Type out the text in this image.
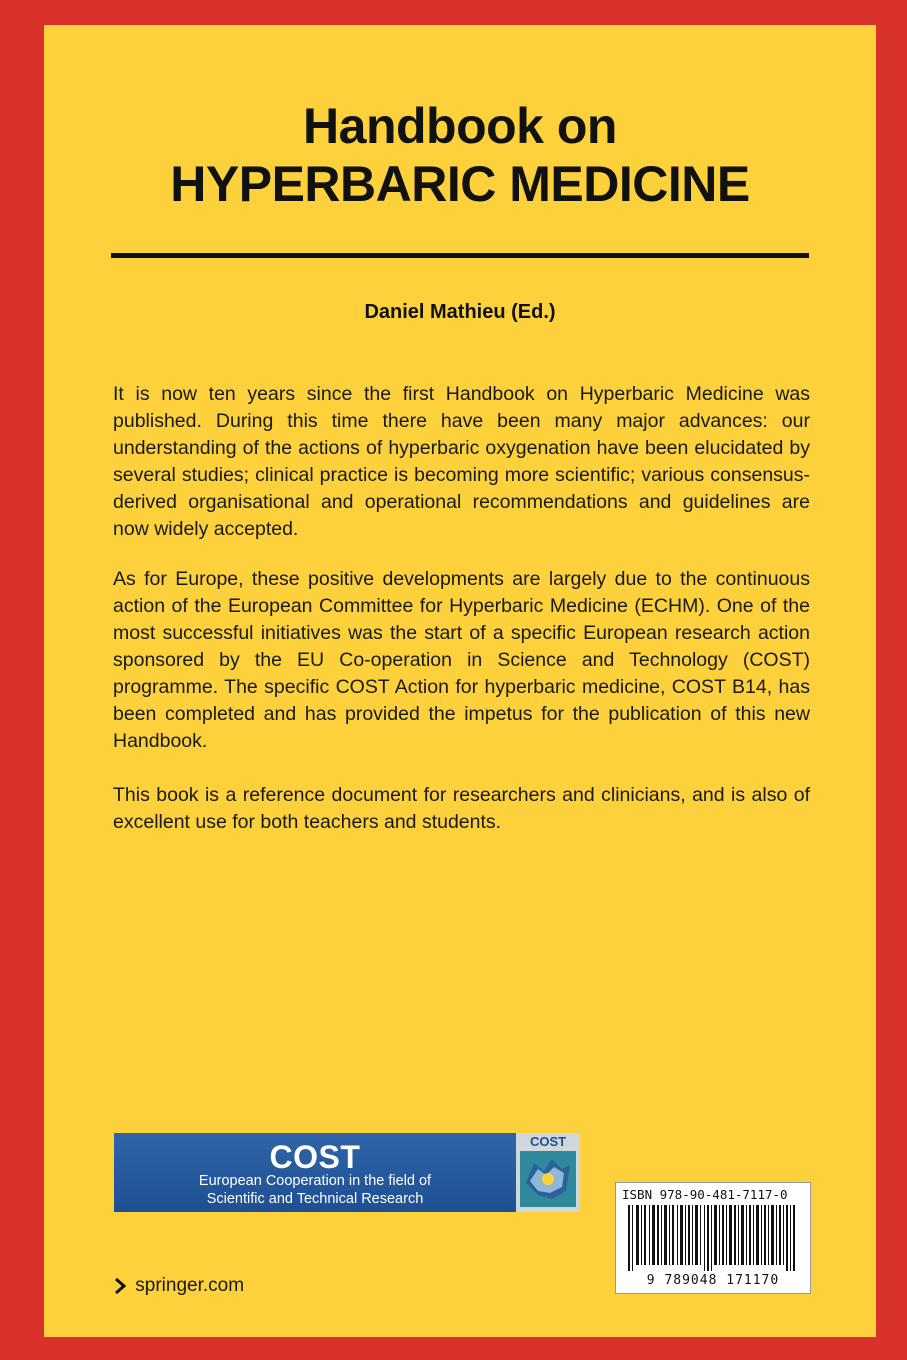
Handbook on
HYPERBARIC MEDICINE
Daniel Mathieu (Ed.)

It is now ten years since the first Handbook on Hyperbaric Medicine was published. During this time there have been many major advances: our understanding of the actions of hyperbaric oxygenation have been elucidated by several studies; clinical practice is becoming more scientific; various consensus-derived organisational and operational recommendations and guidelines are now widely accepted.

As for Europe, these positive developments are largely due to the continuous action of the European Committee for Hyperbaric Medicine (ECHM). One of the most successful initiatives was the start of a specific European research action sponsored by the EU Co-operation in Science and Technology (COST) programme. The specific COST Action for hyperbaric medicine, COST B14, has been completed and has provided the impetus for the publication of this new Handbook.

This book is a reference document for researchers and clinicians, and is also of excellent use for both teachers and students.

COST
European Cooperation in the field of
Scientific and Technical Research
COST
ISBN 978-90-481-7117-0
9 789048 171170
springer.com
